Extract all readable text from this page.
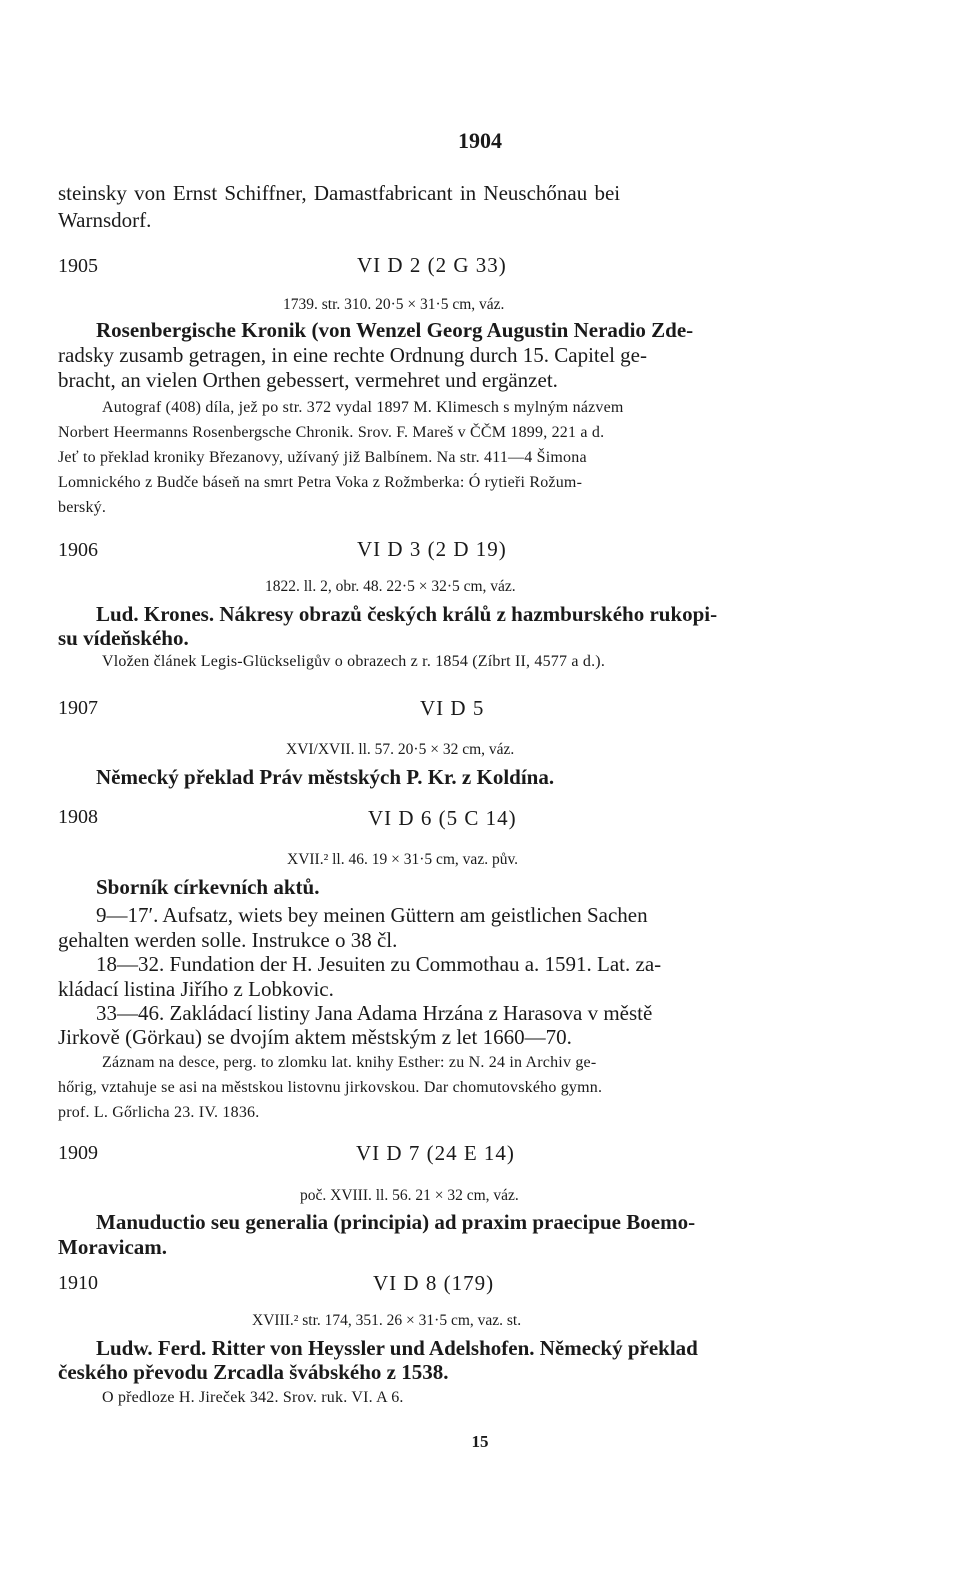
1904
steinsky von Ernst Schiffner, Damastfabricant in Neuschőnau bei
Warnsdorf.
1905	VI D 2 (2 G 33)
1739. str. 310. 20·5 × 31·5 cm, váz.
Rosenbergische Kronik (von Wenzel Georg Augustin Neradio Zde-
radsky zusamb getragen, in eine rechte Ordnung durch 15. Capitel ge-
bracht, an vielen Orthen gebessert, vermehret und ergänzet.
Autograf (408) díla, jež po str. 372 vydal 1897 M. Klimesch s mylným názvem
Norbert Heermanns Rosenbergsche Chronik. Srov. F. Mareš v ČČM 1899, 221 a d.
Jeť to překlad kroniky Březanovy, užívaný již Balbínem. Na str. 411—4 Šimona
Lomnického z Budče báseň na smrt Petra Voka z Rožmberka: Ó rytieři Rožum-
berský.
1906	VI D 3 (2 D 19)
1822. ll. 2, obr. 48. 22·5 × 32·5 cm, váz.
Lud. Krones. Nákresy obrazů českých králů z hazmburského rukopi-
su vídeňského.
Vložen článek Legis-Glückseligův o obrazech z r. 1854 (Zíbrt II, 4577 a d.).
1907	VI D 5
XVI/XVII. ll. 57. 20·5 × 32 cm, váz.
Německý překlad Práv městských P. Kr. z Koldína.
1908	VI D 6 (5 C 14)
XVII.² ll. 46. 19 × 31·5 cm, vaz. pův.
Sborník církevních aktů.
9—17′. Aufsatz, wiets bey meinen Güttern am geistlichen Sachen
gehalten werden solle. Instrukce o 38 čl.
18—32. Fundation der H. Jesuiten zu Commothau a. 1591. Lat. za-
kládací listina Jiřího z Lobkovic.
33—46. Zakládací listiny Jana Adama Hrzána z Harasova v městě
Jirkově (Görkau) se dvojím aktem městským z let 1660—70.
Záznam na desce, perg. to zlomku lat. knihy Esther: zu N. 24 in Archiv ge-
hőrig, vztahuje se asi na městskou listovnu jirkovskou. Dar chomutovského gymn.
prof. L. Gőrlicha 23. IV. 1836.
1909	VI D 7 (24 E 14)
poč. XVIII. ll. 56. 21 × 32 cm, váz.
Manuductio seu generalia (principia) ad praxim praecipue Boemo-
Moravicam.
1910	VI D 8 (179)
XVIII.² str. 174, 351. 26 × 31·5 cm, vaz. st.
Ludw. Ferd. Ritter von Heyssler und Adelshofen. Německý překlad
českého převodu Zrcadla švábského z 1538.
O předloze H. Jireček 342. Srov. ruk. VI. A 6.
15
